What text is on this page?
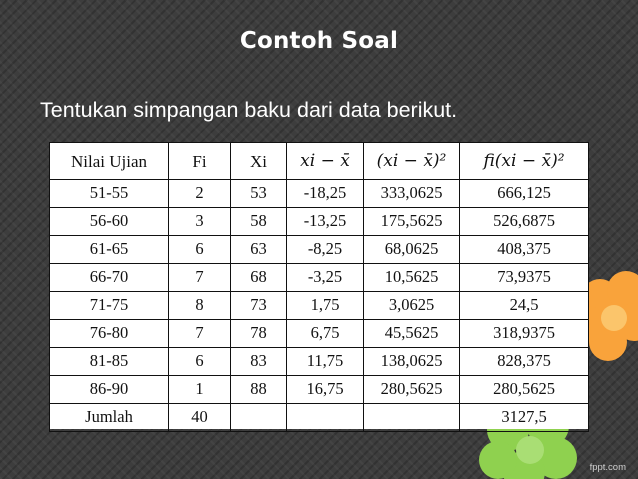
Contoh Soal
Tentukan simpangan baku dari data berikut.
Nilai Ujian	Fi	Xi	xi − x̄	(xi − x̄)²	fi(xi − x̄)²
51-55	2	53	-18,25	333,0625	666,125
56-60	3	58	-13,25	175,5625	526,6875
61-65	6	63	-8,25	68,0625	408,375
66-70	7	68	-3,25	10,5625	73,9375
71-75	8	73	1,75	3,0625	24,5
76-80	7	78	6,75	45,5625	318,9375
81-85	6	83	11,75	138,0625	828,375
86-90	1	88	16,75	280,5625	280,5625
Jumlah	40				3127,5
fppt.com
